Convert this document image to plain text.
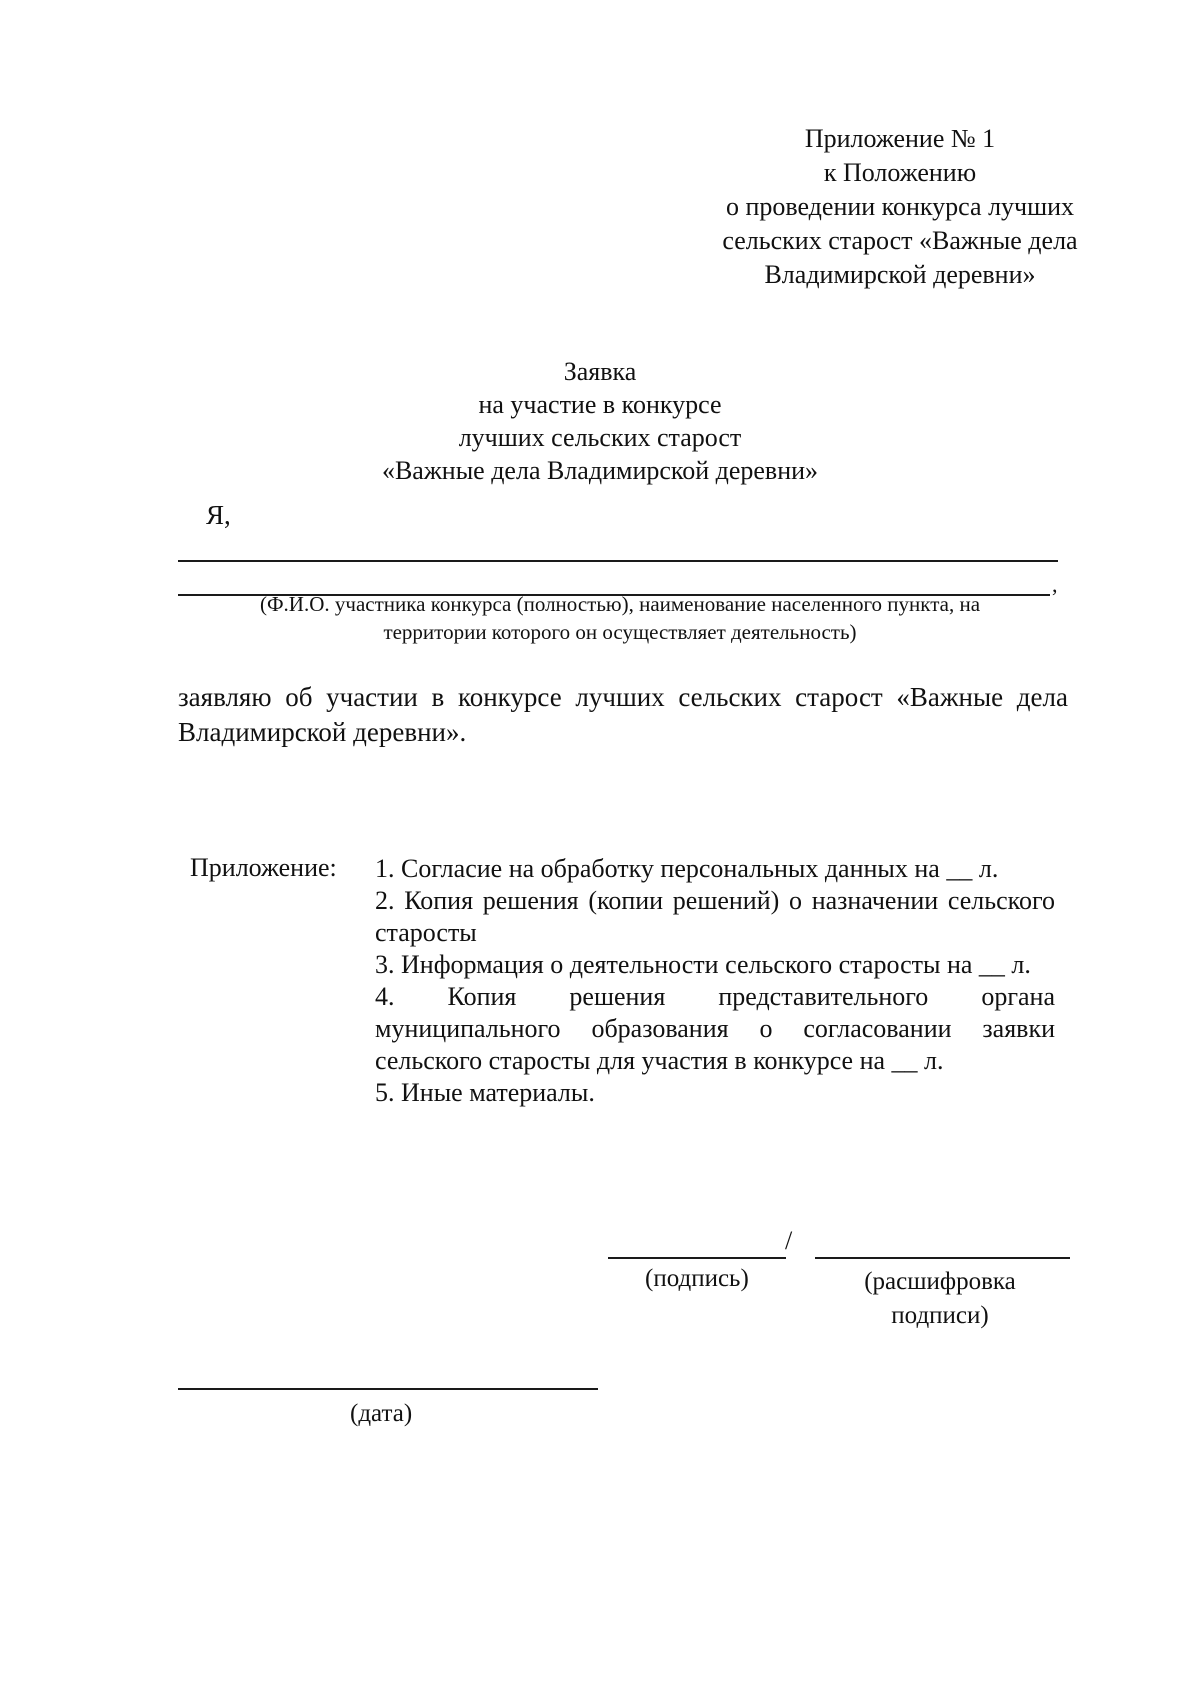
Приложение № 1
к Положению
о проведении конкурса лучших
сельских старост «Важные дела
Владимирской деревни»
Заявка
на участие в конкурсе
лучших сельских старост
«Важные дела Владимирской деревни»
Я,
,
(Ф.И.О. участника конкурса (полностью), наименование населенного пункта, на
территории которого он осуществляет деятельность)
заявляю об участии в конкурсе лучших сельских старост «Важные дела Владимирской деревни».
Приложение: 1. Согласие на обработку персональных данных на __ л.
2. Копия решения (копии решений) о назначении сельского старосты
3. Информация о деятельности сельского старосты на __ л.
4. Копия решения представительного органа муниципального образования о согласовании заявки сельского старосты для участия в конкурсе на __ л.
5. Иные материалы.
/
(подпись)	(расшифровка
подписи)
(дата)
